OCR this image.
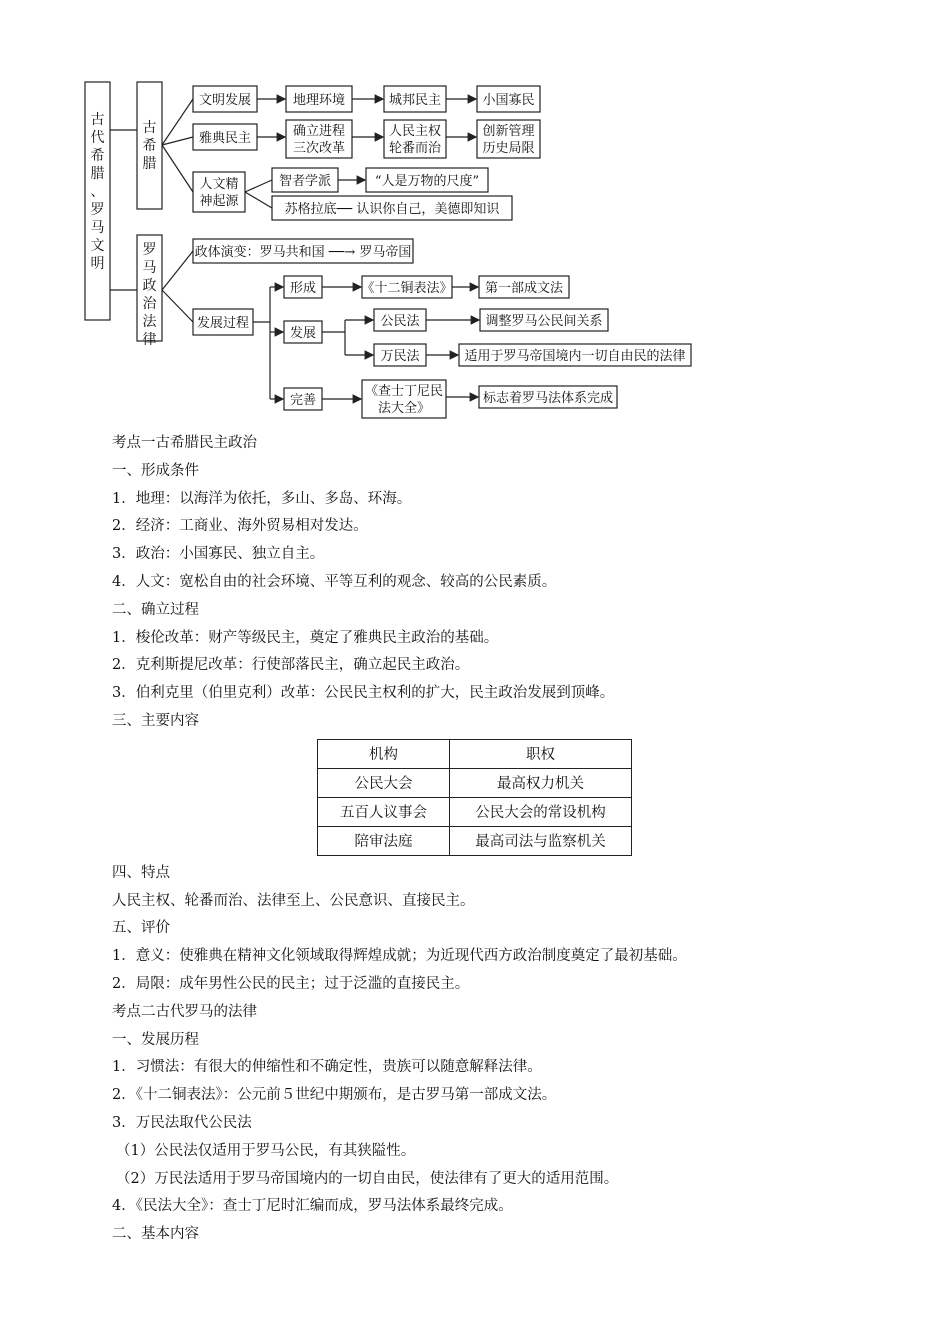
古代希腊、罗马文明
古希腊
文明发展	地理环境	城邦民主	小国寡民
雅典民主	确立进程
三次改革
人民主权
轮番而治
创新管理
历史局限
人文精
神起源
智者学派	“人是万物的尺度”
苏格拉底── 认识你自己，美德即知识
罗马政治法律
政体演变：罗马共和国 ──→ 罗马帝国
发展过程
形成	《十二铜表法》 第一部成文法
发展
公民法	调整罗马公民间关系
万民法	适用于罗马帝国境内一切自由民的法律
完善
《查士丁尼民
法大全》
标志着罗马法体系完成
考点一古希腊民主政治
一、形成条件
1．地理：以海洋为依托，多山、多岛、环海。
2．经济：工商业、海外贸易相对发达。
3．政治：小国寡民、独立自主。
4．人文：宽松自由的社会环境、平等互利的观念、较高的公民素质。
二、确立过程
1．梭伦改革：财产等级民主，奠定了雅典民主政治的基础。
2．克利斯提尼改革：行使部落民主，确立起民主政治。
3．伯利克里（伯里克利）改革：公民民主权利的扩大，民主政治发展到顶峰。
三、主要内容
机构	职权
公民大会	最高权力机关
五百人议事会	公民大会的常设机构
陪审法庭	最高司法与监察机关
四、特点
人民主权、轮番而治、法律至上、公民意识、直接民主。
五、评价
1．意义：使雅典在精神文化领域取得辉煌成就；为近现代西方政治制度奠定了最初基础。
2．局限：成年男性公民的民主；过于泛滥的直接民主。
考点二古代罗马的法律
一、发展历程
1．习惯法：有很大的伸缩性和不确定性，贵族可以随意解释法律。
2．《十二铜表法》：公元前５世纪中期颁布，是古罗马第一部成文法。
3．万民法取代公民法
（1）公民法仅适用于罗马公民，有其狭隘性。
（2）万民法适用于罗马帝国境内的一切自由民，使法律有了更大的适用范围。
4．《民法大全》：查士丁尼时汇编而成，罗马法体系最终完成。
二、基本内容
